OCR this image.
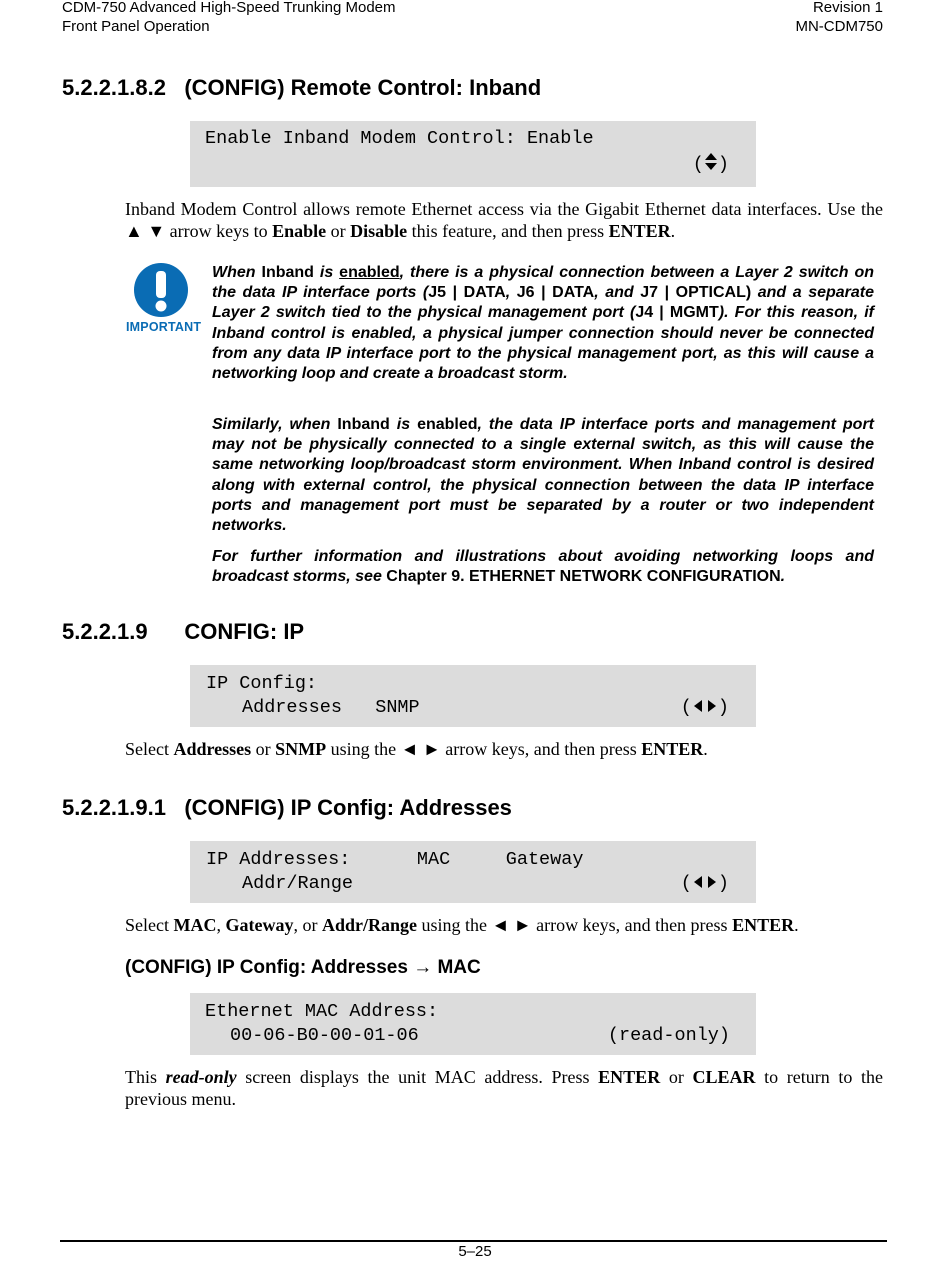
CDM-750 Advanced High-Speed Trunking Modem
Front Panel Operation
Revision 1
MN-CDM750
5.2.2.1.8.2 (CONFIG) Remote Control: Inband
Enable Inband Modem Control: Enable
( )
Inband Modem Control allows remote Ethernet access via the Gigabit Ethernet data interfaces. Use the ▲ ▼ arrow keys to Enable or Disable this feature, and then press ENTER.
IMPORTANT
When Inband is enabled, there is a physical connection between a Layer 2 switch on the data IP interface ports (J5 | DATA, J6 | DATA, and J7 | OPTICAL) and a separate Layer 2 switch tied to the physical management port (J4 | MGMT). For this reason, if Inband control is enabled, a physical jumper connection should never be connected from any data IP interface port to the physical management port, as this will cause a networking loop and create a broadcast storm.
Similarly, when Inband is enabled, the data IP interface ports and management port may not be physically connected to a single external switch, as this will cause the same networking loop/broadcast storm environment. When Inband control is desired along with external control, the physical connection between the data IP interface ports and management port must be separated by a router or two independent networks.
For further information and illustrations about avoiding networking loops and broadcast storms, see Chapter 9. ETHERNET NETWORK CONFIGURATION.
5.2.2.1.9 CONFIG: IP
IP Config:
Addresses   SNMP	( )
Select Addresses or SNMP using the ◄ ► arrow keys, and then press ENTER.
5.2.2.1.9.1 (CONFIG) IP Config: Addresses
IP Addresses:      MAC     Gateway
Addr/Range	( )
Select MAC, Gateway, or Addr/Range using the ◄ ► arrow keys, and then press ENTER.
(CONFIG) IP Config: Addresses → MAC
Ethernet MAC Address:
00-06-B0-00-01-06	(read-only)
This read-only screen displays the unit MAC address. Press ENTER or CLEAR to return to the previous menu.
5–25
